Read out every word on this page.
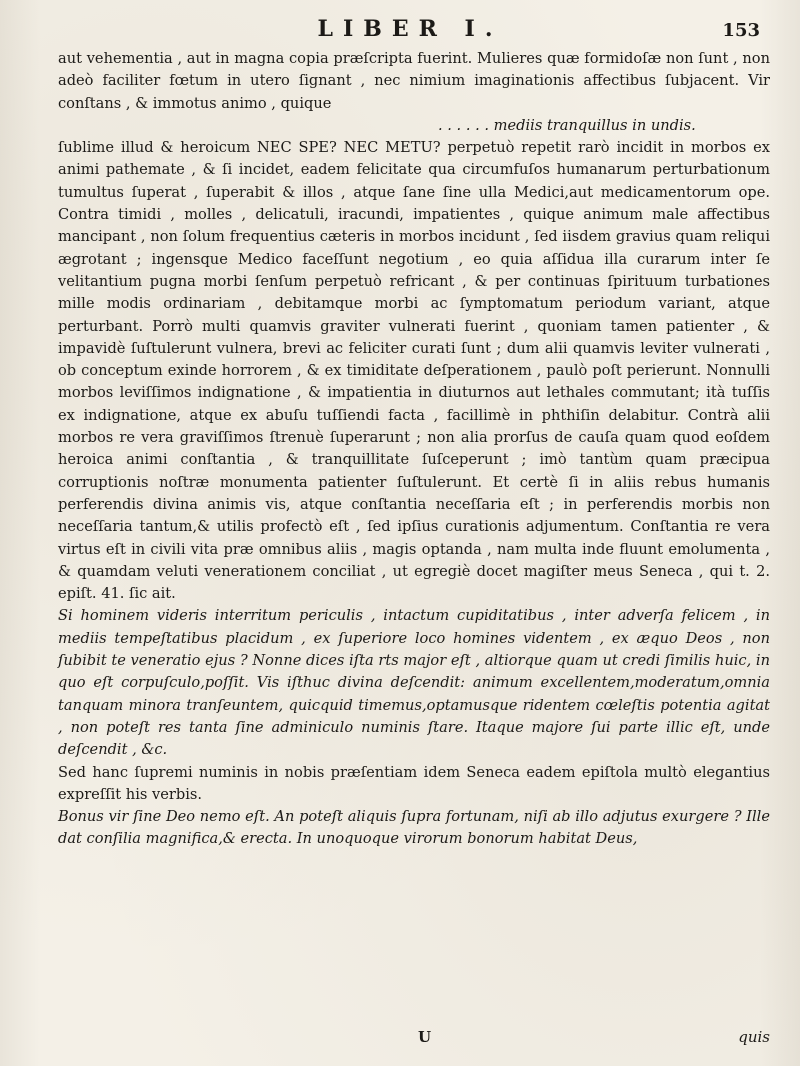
LIBER I.	153

aut vehementia , aut in magna copia præſcripta fuerint. Mulieres quæ formidoſæ non ſunt , non adeò faciliter fœtum in utero ſignant , nec nimium imaginationis affectibus ſubjacent. Vir conſtans , & immotus animo , quique

. . . . . . mediis tranquillus in undis.

ſublime illud & heroicum NEC SPE? NEC METU? perpetuò repetit rarò incidit in morbos ex animi pathemate , & ſi incidet, eadem felicitate qua circumfuſos humanarum perturbationum tumultus ſuperat , ſuperabit & illos , atque ſane ſine ulla Medici,aut medicamentorum ope. Contra timidi , molles , delicatuli, iracundi, impatientes , quique animum male affectibus mancipant , non ſolum frequentius cæteris in morbos incidunt , ſed iisdem gravius quam reliqui ægrotant ; ingensque Medico faceſſunt negotium , eo quia aſſidua illa curarum inter ſe velitantium pugna morbi ſenſum perpetuò refricant , & per continuas ſpirituum turbationes mille modis ordinariam , debitamque morbi ac ſymptomatum periodum variant, atque perturbant. Porrò multi quamvis graviter vulnerati fuerint , quoniam tamen patienter , & impavidè ſuſtulerunt vulnera, brevi ac feliciter curati ſunt ; dum alii quamvis leviter vulnerati , ob conceptum exinde horrorem , & ex timiditate deſperationem , paulò poſt perierunt. Nonnulli morbos leviſſimos indignatione , & impatientia in diuturnos aut lethales commutant; ità tuſſis ex indignatione, atque ex abuſu tuſſiendi facta , facillimè in phthiſin delabitur. Contrà alii morbos re vera graviſſimos ſtrenuè ſuperarunt ; non alia prorſus de cauſa quam quod eoſdem heroica animi conſtantia , & tranquillitate ſuſceperunt ; imò tantùm quam præcipua corruptionis noſtræ monumenta patienter ſuſtulerunt. Et certè ſi in aliis rebus humanis perferendis divina animis vis, atque conſtantia neceſſaria eſt ; in perferendis morbis non neceſſaria tantum,& utilis profectò eſt , ſed ipſius curationis adjumentum. Conſtantia re vera virtus eſt in civili vita præ omnibus aliis , magis optanda , nam multa inde fluunt emolumenta , & quamdam veluti venerationem conciliat , ut egregiè docet magiſter meus Seneca , qui t. 2. epiſt. 41. ſic ait.

Si hominem videris interritum periculis , intactum cupiditatibus , inter adverſa felicem , in mediis tempeſtatibus placidum , ex ſuperiore loco homines videntem , ex æquo Deos , non ſubibit te veneratio ejus ? Nonne dices iſta rts major eſt , altiorque quam ut credi ſimilis huic, in quo eſt corpuſculo,poſſit. Vis iſthuc divina deſcendit: animum excellentem,moderatum,omnia tanquam minora tranſeuntem, quicquid timemus,optamusque ridentem cœleſtis potentia agitat , non poteſt res tanta ſine adminiculo numinis ſtare. Itaque majore ſui parte illic eſt, unde deſcendit , &c.

Sed hanc ſupremi numinis in nobis præſentiam idem Seneca eadem epiſtola multò elegantius expreſſit his verbis.

Bonus vir ſine Deo nemo eſt. An poteſt aliquis ſupra fortunam, niſi ab illo adjutus exurgere ? Ille dat conſilia magnifica,& erecta. In unoquoque virorum bonorum habitat Deus,

U	quis
